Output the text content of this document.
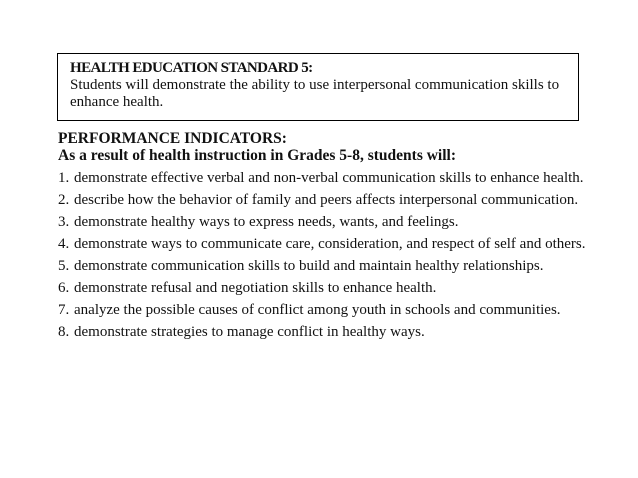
HEALTH EDUCATION STANDARD 5:
Students will demonstrate the ability to use interpersonal communication skills to enhance health.
PERFORMANCE INDICATORS:
As a result of health instruction in Grades 5-8, students will:
1. demonstrate effective verbal and non-verbal communication skills to enhance health.
2. describe how the behavior of family and peers affects interpersonal communication.
3. demonstrate healthy ways to express needs, wants, and feelings.
4. demonstrate ways to communicate care, consideration, and respect of self and others.
5. demonstrate communication skills to build and maintain healthy relationships.
6. demonstrate refusal and negotiation skills to enhance health.
7. analyze the possible causes of conflict among youth in schools and communities.
8. demonstrate strategies to manage conflict in healthy ways.
